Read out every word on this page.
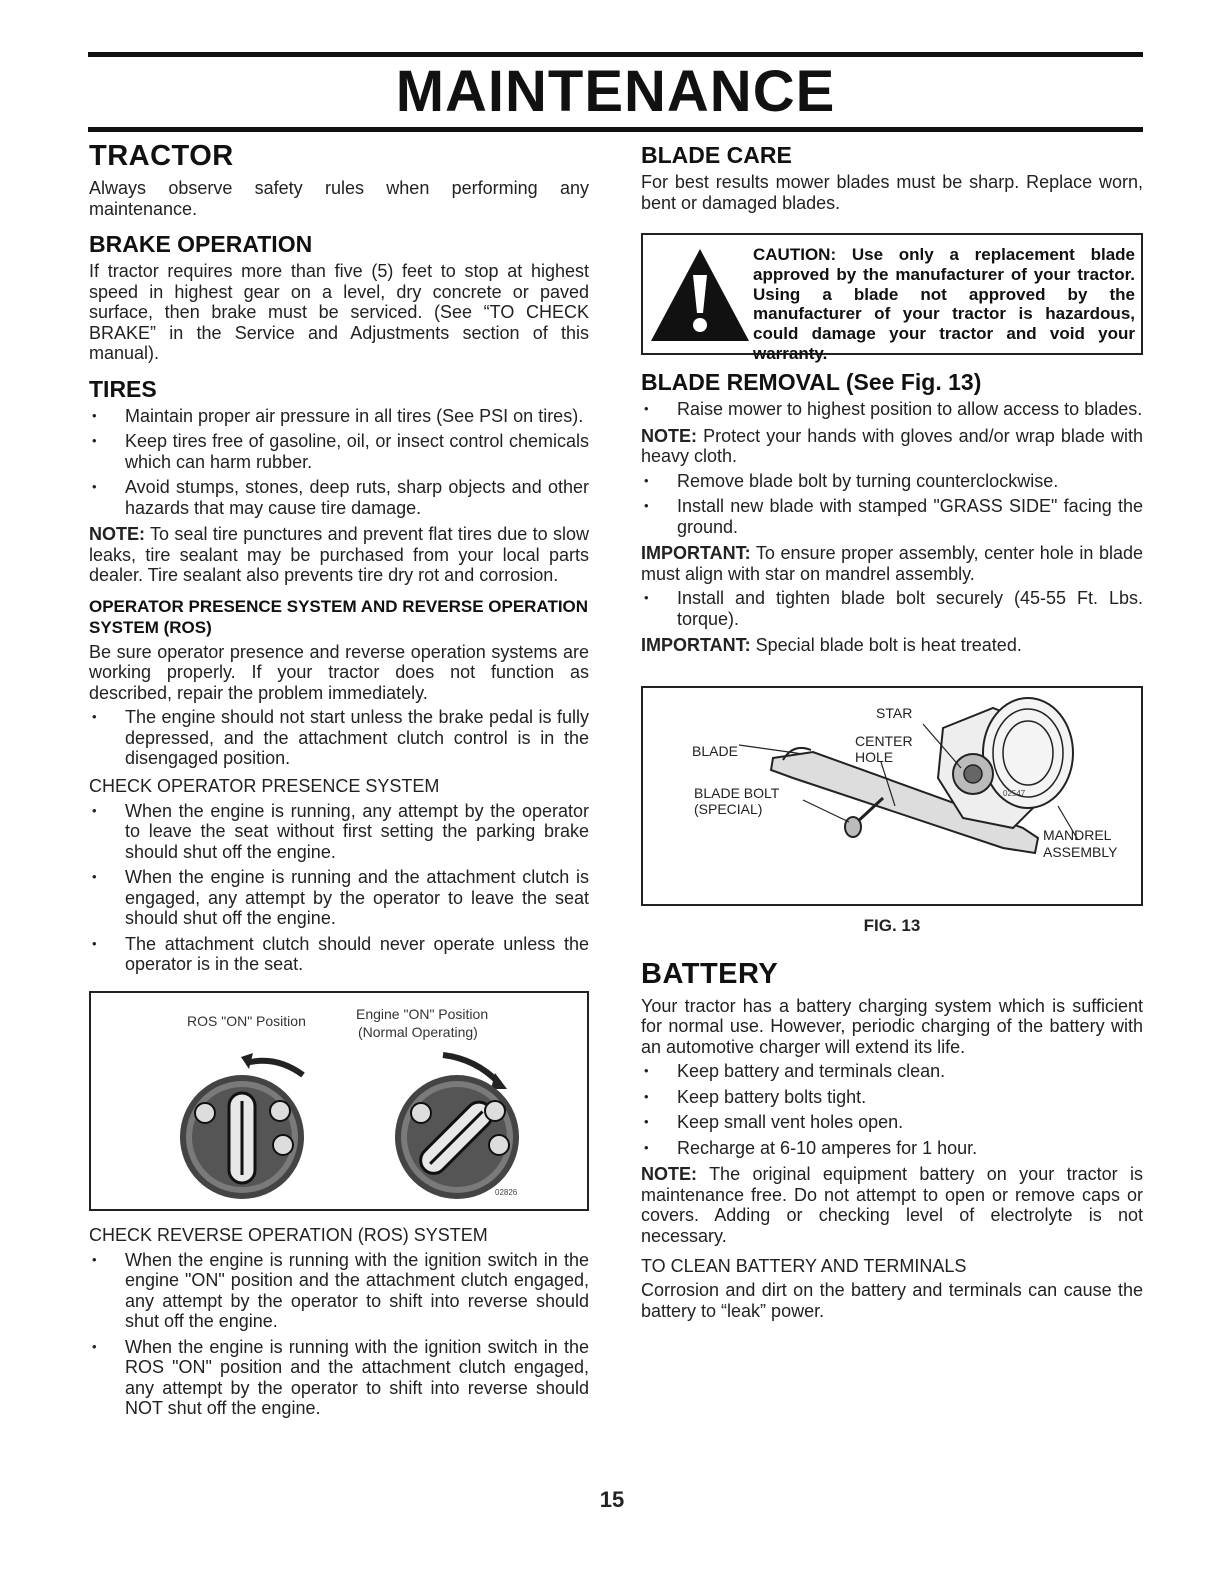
MAINTENANCE
TRACTOR

Always observe safety rules when performing any maintenance.

BRAKE OPERATION

If tractor requires more than five (5) feet to stop at highest speed in highest gear on a level, dry concrete or paved surface, then brake must be serviced. (See “TO CHECK BRAKE” in the Service and Adjustments section of this manual).

TIRES
• Maintain proper air pressure in all tires (See PSI on tires).
• Keep tires free of gasoline, oil, or insect control chemicals which can harm rubber.
• Avoid stumps, stones, deep ruts, sharp objects and other hazards that may cause tire damage.

NOTE: To seal tire punctures and prevent flat tires due to slow leaks, tire sealant may be purchased from your local parts dealer. Tire sealant also prevents tire dry rot and corrosion.

OPERATOR PRESENCE SYSTEM AND REVERSE OPERATION SYSTEM (ROS)

Be sure operator presence and reverse operation systems are working properly. If your tractor does not function as described, repair the problem immediately.

• The engine should not start unless the brake pedal is fully depressed, and the attachment clutch control is in the disengaged position.
CHECK OPERATOR PRESENCE SYSTEM
• When the engine is running, any attempt by the operator to leave the seat without first setting the parking brake should shut off the engine.
• When the engine is running and the attachment clutch is engaged, any attempt by the operator to leave the seat should shut off the engine.
• The attachment clutch should never operate unless the operator is in the seat.
ROS "ON" Position	Engine "ON" Position
(Normal Operating)
02826
CHECK REVERSE OPERATION (ROS) SYSTEM
• When the engine is running with the ignition switch in the engine "ON" position and the attachment clutch engaged, any attempt by the operator to shift into reverse should shut off the engine.
• When the engine is running with the ignition switch in the ROS "ON" position and the attachment clutch engaged, any attempt by the operator to shift into reverse should NOT shut off the engine.
BLADE CARE

For best results mower blades must be sharp. Replace worn, bent or damaged blades.

CAUTION: Use only a replacement blade approved by the manufacturer of your tractor. Using a blade not approved by the manufacturer of your tractor is hazardous, could damage your tractor and void your warranty.
BLADE REMOVAL (See Fig. 13)
• Raise mower to highest position to allow access to blades.

NOTE: Protect your hands with gloves and/or wrap blade with heavy cloth.

• Remove blade bolt by turning counterclockwise.
• Install new blade with stamped "GRASS SIDE" facing the ground.

IMPORTANT: To ensure proper assembly, center hole in blade must align with star on mandrel assembly.

• Install and tighten blade bolt securely (45-55 Ft. Lbs. torque).

IMPORTANT: Special blade bolt is heat treated.

STAR
CENTER
HOLE
BLADE
BLADE BOLT
(SPECIAL)
MANDREL
ASSEMBLY
02547
FIG. 13
BATTERY

Your tractor has a battery charging system which is sufficient for normal use. However, periodic charging of the battery with an automotive charger will extend its life.

• Keep battery and terminals clean.
• Keep battery bolts tight.
• Keep small vent holes open.
• Recharge at 6-10 amperes for 1 hour.

NOTE: The original equipment battery on your tractor is maintenance free. Do not attempt to open or remove caps or covers. Adding or checking level of electrolyte is not necessary.

TO CLEAN BATTERY AND TERMINALS

Corrosion and dirt on the battery and terminals can cause the battery to “leak” power.

15
